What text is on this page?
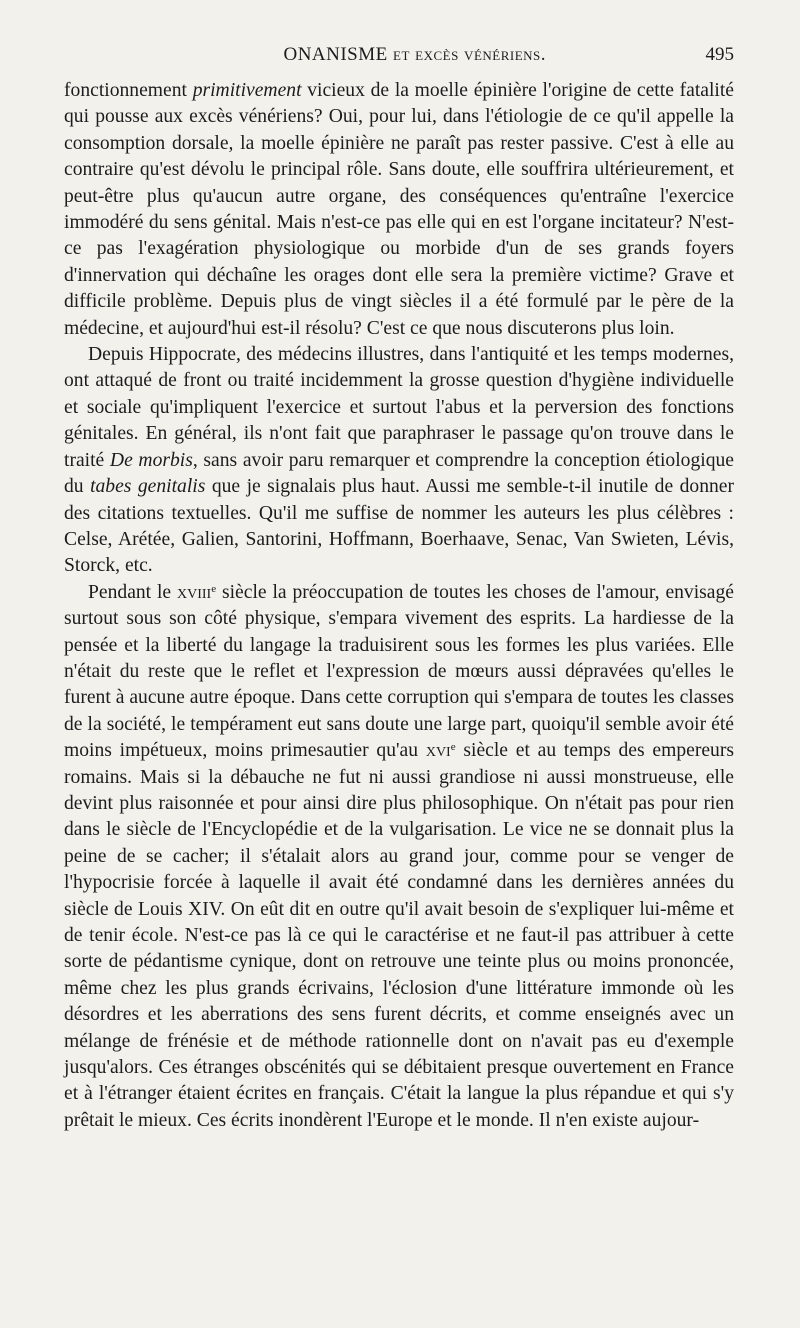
ONANISME et excès vénériens.	495

fonctionnement primitivement vicieux de la moelle épinière l'origine de cette fatalité qui pousse aux excès vénériens? Oui, pour lui, dans l'étiologie de ce qu'il appelle la consomption dorsale, la moelle épinière ne paraît pas rester passive. C'est à elle au contraire qu'est dévolu le principal rôle. Sans doute, elle souffrira ultérieurement, et peut-être plus qu'aucun autre organe, des conséquences qu'entraîne l'exercice immodéré du sens génital. Mais n'est-ce pas elle qui en est l'organe incitateur? N'est-ce pas l'exagération physiologique ou morbide d'un de ses grands foyers d'innervation qui déchaîne les orages dont elle sera la première victime? Grave et difficile problème. Depuis plus de vingt siècles il a été formulé par le père de la médecine, et aujourd'hui est-il résolu? C'est ce que nous discuterons plus loin.

Depuis Hippocrate, des médecins illustres, dans l'antiquité et les temps modernes, ont attaqué de front ou traité incidemment la grosse question d'hygiène individuelle et sociale qu'impliquent l'exercice et surtout l'abus et la perversion des fonctions génitales. En général, ils n'ont fait que paraphraser le passage qu'on trouve dans le traité De morbis, sans avoir paru remarquer et comprendre la conception étiologique du tabes genitalis que je signalais plus haut. Aussi me semble-t-il inutile de donner des citations textuelles. Qu'il me suffise de nommer les auteurs les plus célèbres : Celse, Arétée, Galien, Santorini, Hoffmann, Boerhaave, Senac, Van Swieten, Lévis, Storck, etc.

Pendant le xviii$^e$ siècle la préoccupation de toutes les choses de l'amour, envisagé surtout sous son côté physique, s'empara vivement des esprits. La hardiesse de la pensée et la liberté du langage la traduisirent sous les formes les plus variées. Elle n'était du reste que le reflet et l'expression de mœurs aussi dépravées qu'elles le furent à aucune autre époque. Dans cette corruption qui s'empara de toutes les classes de la société, le tempérament eut sans doute une large part, quoiqu'il semble avoir été moins impétueux, moins primesautier qu'au xvi$^e$ siècle et au temps des empereurs romains. Mais si la débauche ne fut ni aussi grandiose ni aussi monstrueuse, elle devint plus raisonnée et pour ainsi dire plus philosophique. On n'était pas pour rien dans le siècle de l'Encyclopédie et de la vulgarisation. Le vice ne se donnait plus la peine de se cacher; il s'étalait alors au grand jour, comme pour se venger de l'hypocrisie forcée à laquelle il avait été condamné dans les dernières années du siècle de Louis XIV. On eût dit en outre qu'il avait besoin de s'expliquer lui-même et de tenir école. N'est-ce pas là ce qui le caractérise et ne faut-il pas attribuer à cette sorte de pédantisme cynique, dont on retrouve une teinte plus ou moins prononcée, même chez les plus grands écrivains, l'éclosion d'une littérature immonde où les désordres et les aberrations des sens furent décrits, et comme enseignés avec un mélange de frénésie et de méthode rationnelle dont on n'avait pas eu d'exemple jusqu'alors. Ces étranges obscénités qui se débitaient presque ouvertement en France et à l'étranger étaient écrites en français. C'était la langue la plus répandue et qui s'y prêtait le mieux. Ces écrits inondèrent l'Europe et le monde. Il n'en existe aujour-
